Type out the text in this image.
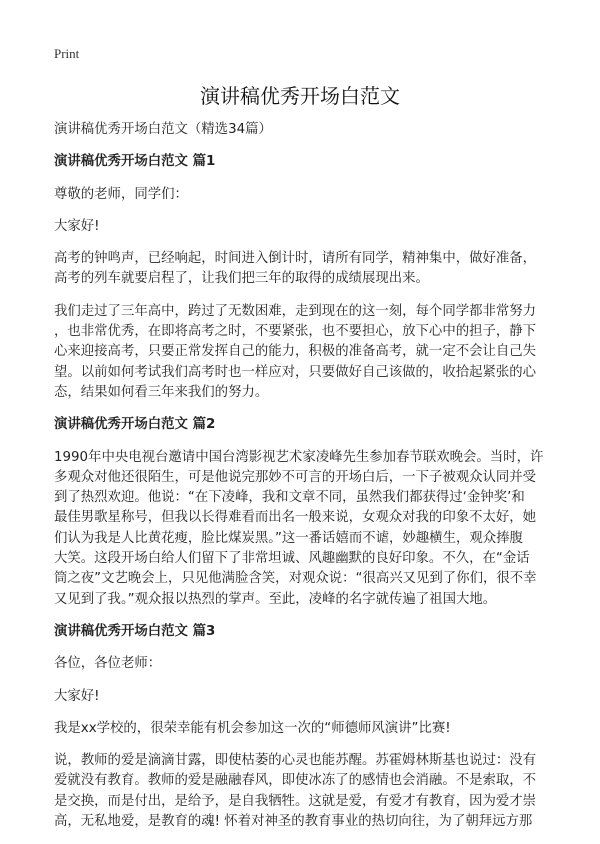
Print
演讲稿优秀开场白范文
演讲稿优秀开场白范文（精选34篇）
演讲稿优秀开场白范文 篇1
尊敬的老师，同学们：
大家好!
高考的钟鸣声，已经响起，时间进入倒计时，请所有同学，精神集中，做好准备，
高考的列车就要启程了，让我们把三年的取得的成绩展现出来。
我们走过了三年高中，跨过了无数困难，走到现在的这一刻，每个同学都非常努力
，也非常优秀，在即将高考之时，不要紧张，也不要担心，放下心中的担子，静下
心来迎接高考，只要正常发挥自己的能力，积极的准备高考，就一定不会让自己失
望。以前如何考试我们高考时也一样应对，只要做好自己该做的，收拾起紧张的心
态，结果如何看三年来我们的努力。
演讲稿优秀开场白范文 篇2
1990年中央电视台邀请中国台湾影视艺术家凌峰先生参加春节联欢晚会。当时，许
多观众对他还很陌生，可是他说完那妙不可言的开场白后，一下子被观众认同并受
到了热烈欢迎。他说：“在下凌峰，我和文章不同，虽然我们都获得过‘金钟奖’和
最佳男歌星称号，但我以长得难看而出名一般来说，女观众对我的印象不太好，她
们认为我是人比黄花瘦，脸比煤炭黑。”这一番话嬉而不谑，妙趣横生，观众捧腹
大笑。这段开场白给人们留下了非常坦诚、风趣幽默的良好印象。不久，在“金话
筒之夜”文艺晚会上，只见他满脸含笑，对观众说：“很高兴又见到了你们，很不幸
又见到了我。”观众报以热烈的掌声。至此，凌峰的名字就传遍了祖国大地。
演讲稿优秀开场白范文 篇3
各位，各位老师：
大家好!
我是xx学校的，很荣幸能有机会参加这一次的“师德师风演讲”比赛!
说，教师的爱是滴滴甘露，即使枯萎的心灵也能苏醒。苏霍姆林斯基也说过：没有
爱就没有教育。教师的爱是融融春风，即使冰冻了的感情也会消融。不是索取，不
是交换，而是付出，是给予，是自我牺牲。这就是爱，有爱才有教育，因为爱才崇
高，无私地爱，是教育的魂! 怀着对神圣的教育事业的热切向往，为了朝拜远方那
